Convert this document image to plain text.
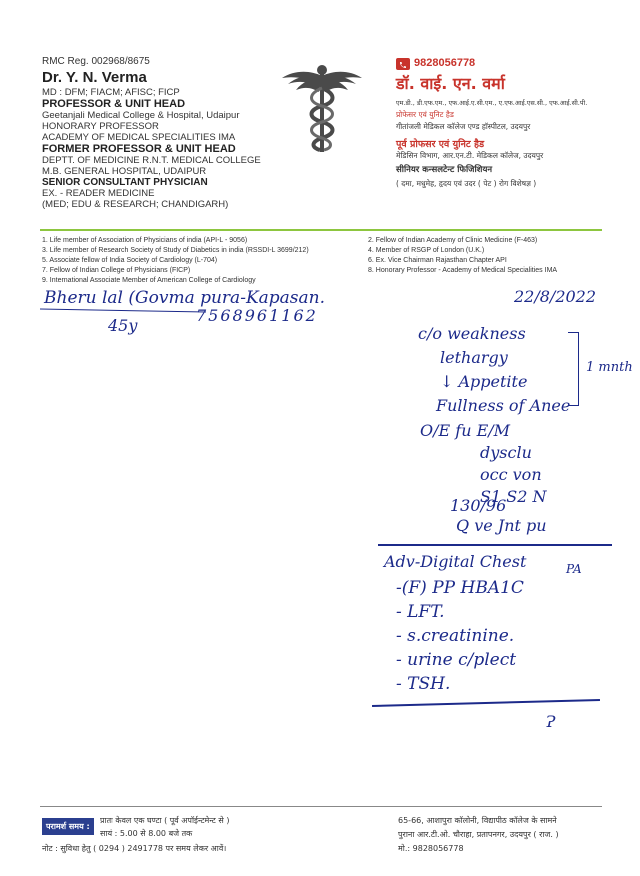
RMC Reg. 002968/8675
Dr. Y. N. Verma
MD : DFM; FIACM; AFISC; FICP
PROFESSOR & UNIT HEAD
Geetanjali Medical College & Hospital, Udaipur
HONORARY PROFESSOR
ACADEMY OF MEDICAL SPECIALITIES IMA
FORMER PROFESSOR & UNIT HEAD
DEPTT. OF MEDICINE R.N.T. MEDICAL COLLEGE
M.B. GENERAL HOSPITAL, UDAIPUR
SENIOR CONSULTANT PHYSICIAN
EX. - READER MEDICINE
(MED; EDU & RESEARCH; CHANDIGARH)
9828056778
डॉ. वाई. एन. वर्मा
एम.डी., डी.एफ.एम., एफ.आई.ए.सी.एम., ए.एफ.आई.एस.सी., एफ.आई.सी.पी.
प्रोफेसर एवं युनिट हैड
गीतांजली मेडिकल कॉलेज एण्ड हॉस्पीटल, उदयपुर
पूर्व प्रोफसर एवं युनिट हैड
मेडिसिन विभाग, आर.एन.टी. मेडिकल कॉलेज, उदयपुर
सीनियर कन्सलटेन्ट फिजिशियन
( दमा, मधुमेह, हृदय एवं उदर ( पेट ) रोग विशेषज्ञ )
1. Life member of Association of Physicians of india (API-L - 9056)
3. Life member of Research Society of Study of Diabetics in india (RSSDI-L 3699/212)
5. Associate fellow of India Society of Cardiology (L-704)
7. Fellow of Indian College of Physicians (FICP)
9. International Associate Member of American College of Cardiology
2. Fellow of Indian Academy of Clinic Medicine (F-463)
4. Member of RSGP of London (U.K.)
6. Ex. Vice Chairman Rajasthan Chapter API
8. Honorary Professor - Academy of Medical Specialities IMA
Bheru lal (Govma pura-Kapasan.
45y
7568961162
22/8/2022
c/o weakness
lethargy
↓ Appetite
Fullness of Anee
1 mnth
O/E fu E/M
dysclu
occ von
S1 S2 N
130/96
Q ve Jnt pu
Adv-Digital Chest	PA
-(F) PP HBA1C
- LFT.
- s.creatinine.
- urine c/plect
- TSH.
Ɂ
परामर्श समय :
प्रातः केवल एक घण्टा ( पूर्व अपॉईन्टमेन्ट से )
सायं : 5.00 से 8.00 बजे तक
नोट : सुविधा हेतु ( 0294 ) 2491778 पर समय लेकर आवें।
65-66, आशापुरा कॉलोनी, विद्यापीठ कॉलेज के सामने
पुराना आर.टी.ओ. चौराहा, प्रतापनगर, उदयपुर ( राज. )
मो.: 9828056778
